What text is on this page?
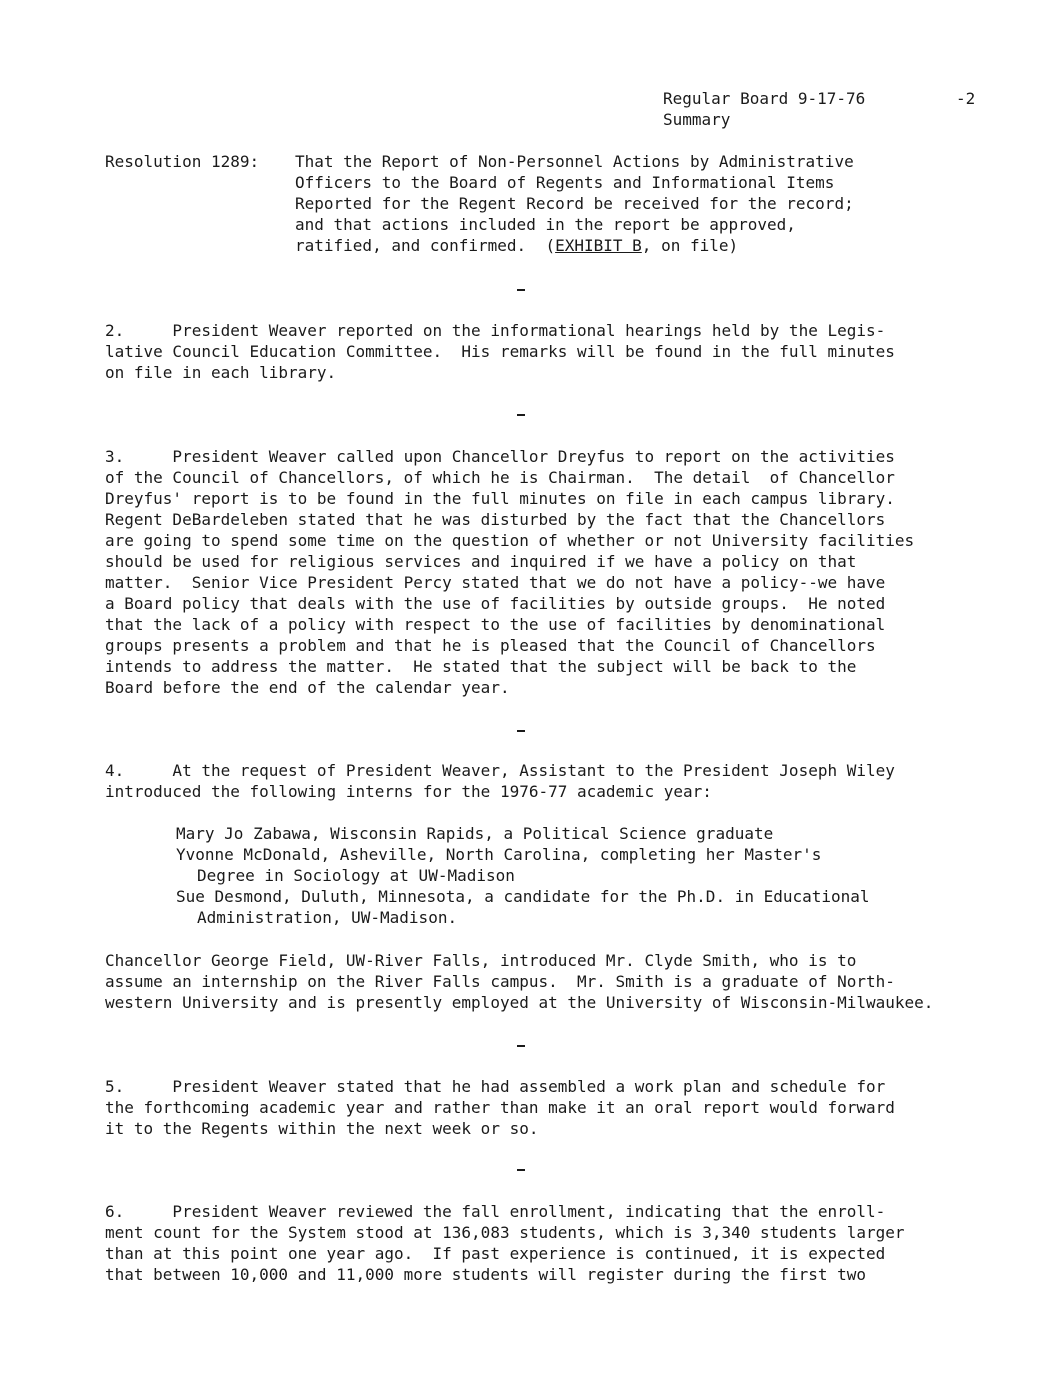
Regular Board 9-17-76
Summary
-2
Resolution 1289: That the Report of Non-Personnel Actions by Administrative
Officers to the Board of Regents and Informational Items
Reported for the Regent Record be received for the record;
and that actions included in the report be approved,
ratified, and confirmed.  (EXHIBIT B, on file)
2.     President Weaver reported on the informational hearings held by the Legis-
lative Council Education Committee.  His remarks will be found in the full minutes
on file in each library.
3.     President Weaver called upon Chancellor Dreyfus to report on the activities
of the Council of Chancellors, of which he is Chairman.  The detail  of Chancellor
Dreyfus' report is to be found in the full minutes on file in each campus library.
Regent DeBardeleben stated that he was disturbed by the fact that the Chancellors
are going to spend some time on the question of whether or not University facilities
should be used for religious services and inquired if we have a policy on that
matter.  Senior Vice President Percy stated that we do not have a policy--we have
a Board policy that deals with the use of facilities by outside groups.  He noted
that the lack of a policy with respect to the use of facilities by denominational
groups presents a problem and that he is pleased that the Council of Chancellors
intends to address the matter.  He stated that the subject will be back to the
Board before the end of the calendar year.
4.     At the request of President Weaver, Assistant to the President Joseph Wiley
introduced the following interns for the 1976-77 academic year:
Mary Jo Zabawa, Wisconsin Rapids, a Political Science graduate
Yvonne McDonald, Asheville, North Carolina, completing her Master's
Degree in Sociology at UW-Madison
Sue Desmond, Duluth, Minnesota, a candidate for the Ph.D. in Educational
Administration, UW-Madison.
Chancellor George Field, UW-River Falls, introduced Mr. Clyde Smith, who is to
assume an internship on the River Falls campus.  Mr. Smith is a graduate of North-
western University and is presently employed at the University of Wisconsin-Milwaukee.
5.     President Weaver stated that he had assembled a work plan and schedule for
the forthcoming academic year and rather than make it an oral report would forward
it to the Regents within the next week or so.
6.     President Weaver reviewed the fall enrollment, indicating that the enroll-
ment count for the System stood at 136,083 students, which is 3,340 students larger
than at this point one year ago.  If past experience is continued, it is expected
that between 10,000 and 11,000 more students will register during the first two
